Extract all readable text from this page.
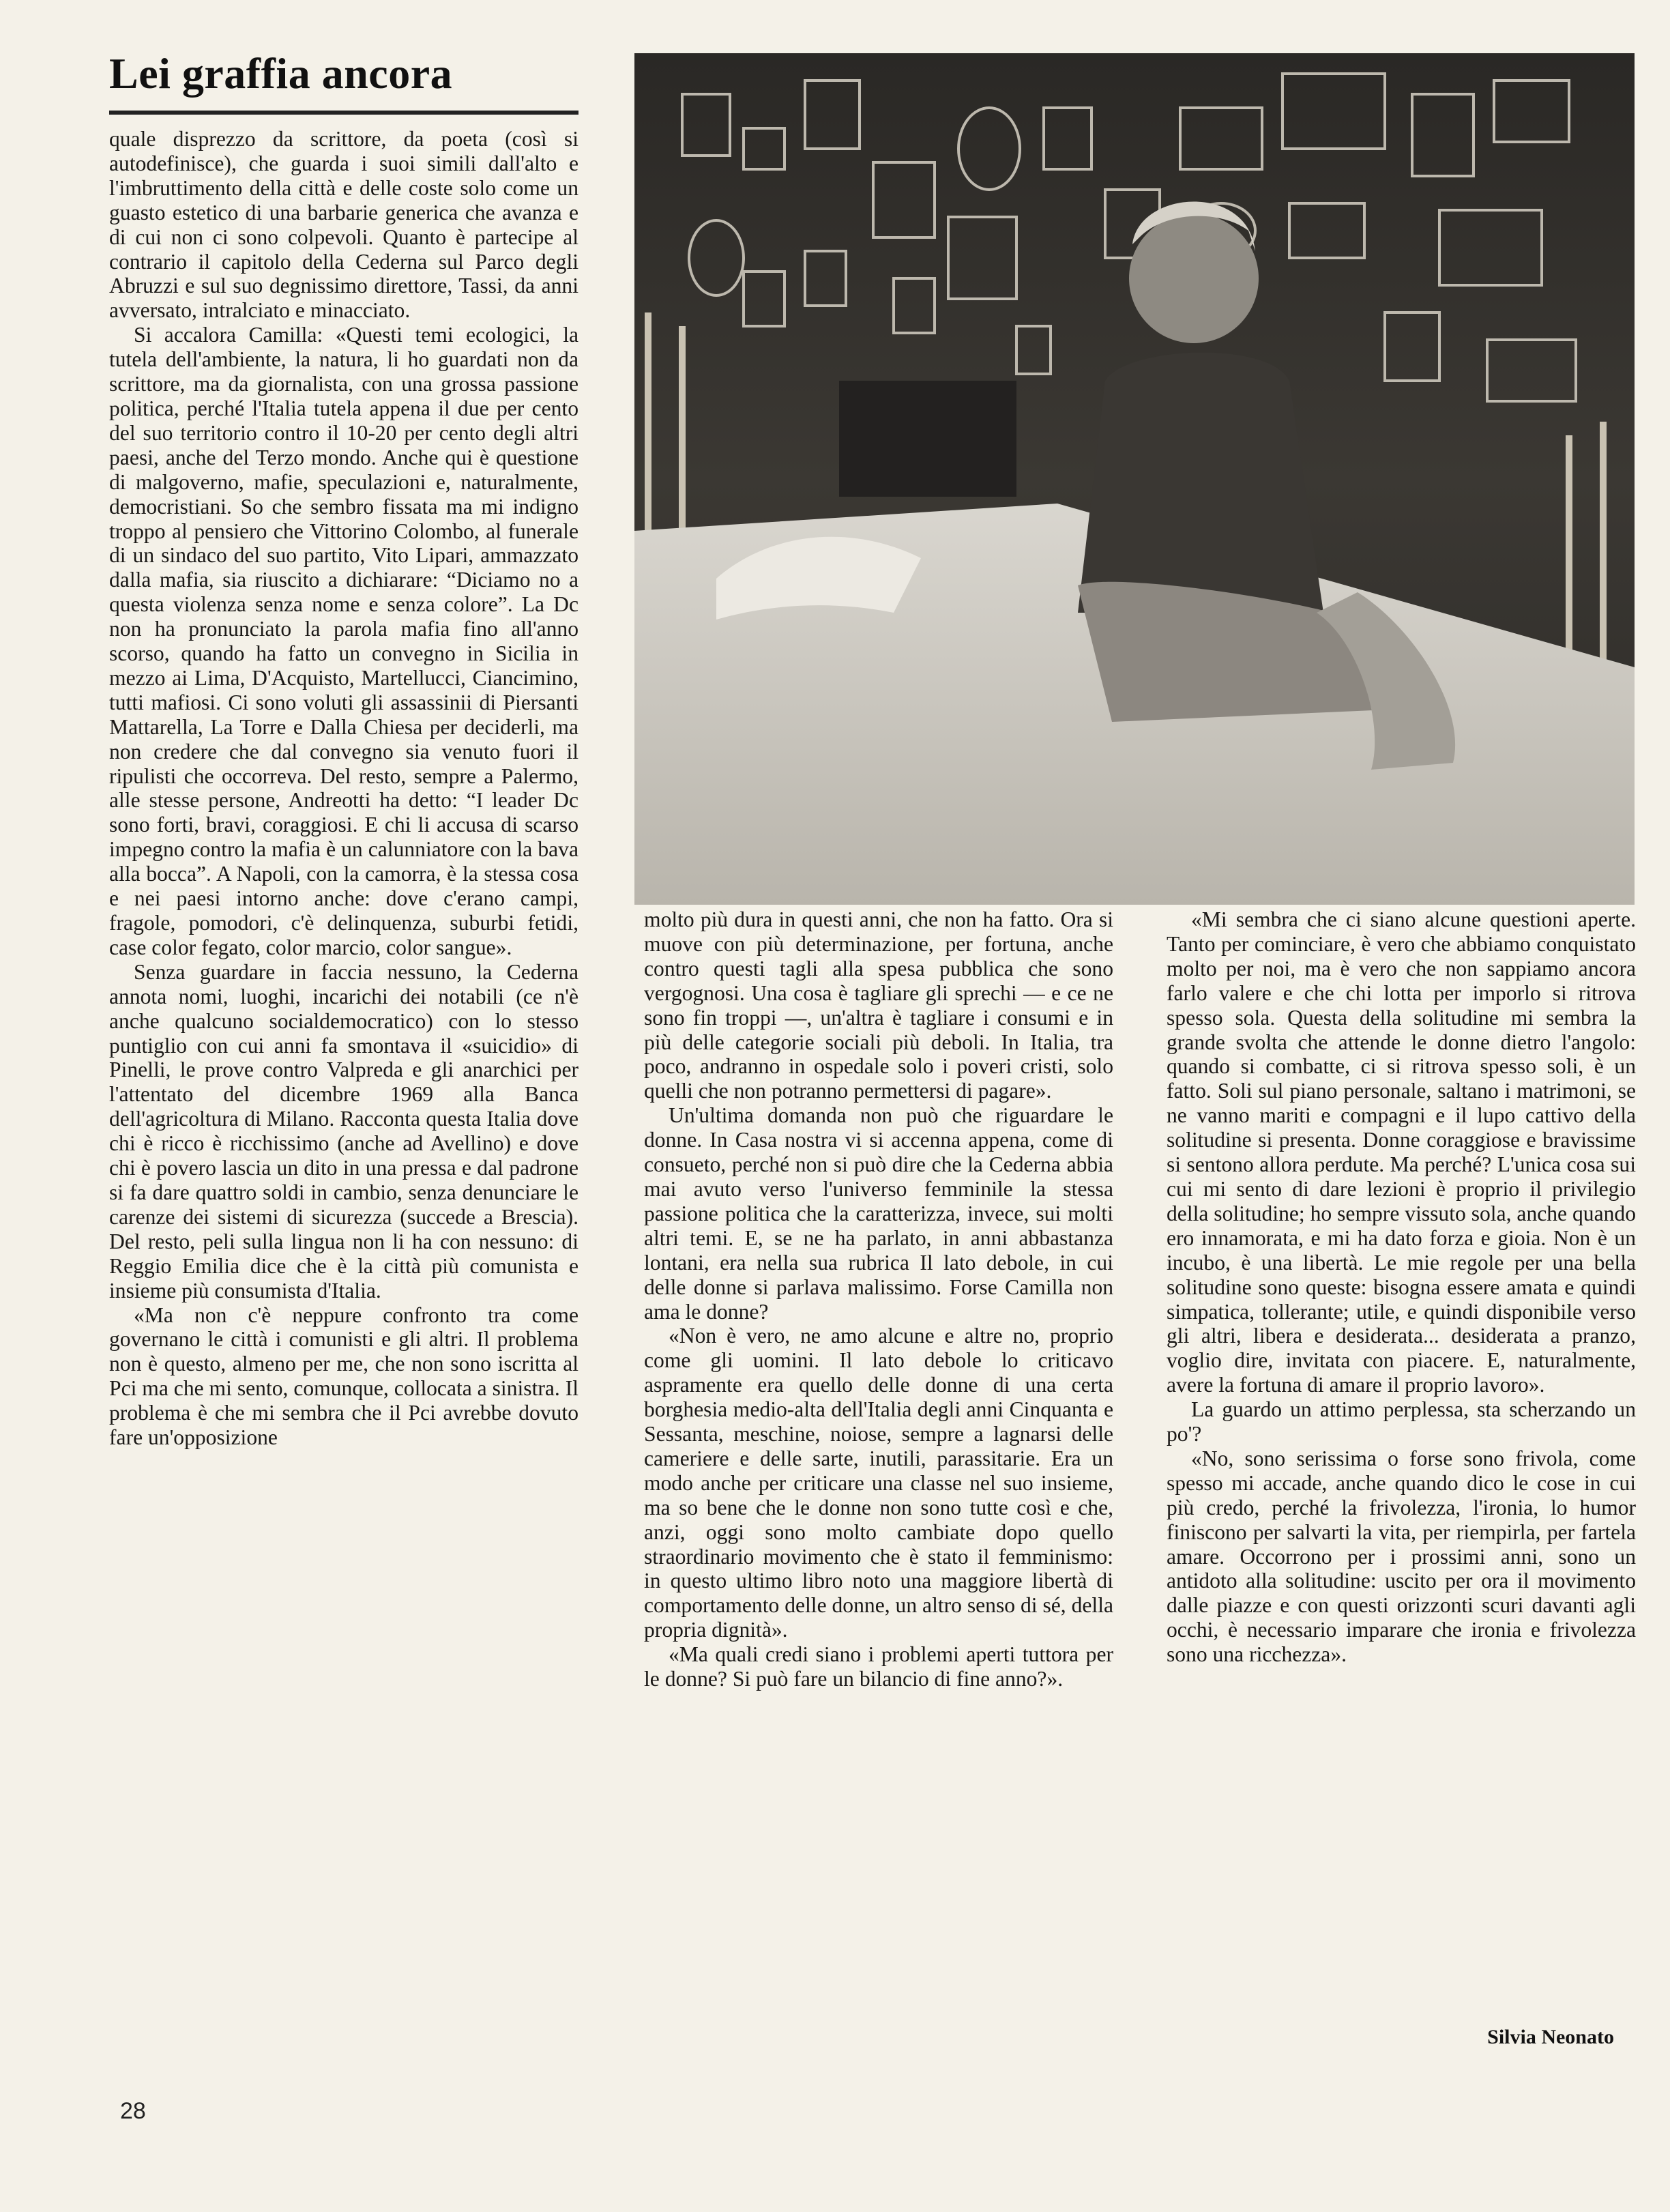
Lei graffia ancora

quale disprezzo da scrittore, da poeta (così si autodefinisce), che guarda i suoi simili dall'alto e l'imbruttimento della città e delle coste solo come un guasto estetico di una barbarie generica che avanza e di cui non ci sono colpevoli. Quanto è partecipe al contrario il capitolo della Cederna sul Parco degli Abruzzi e sul suo degnissimo direttore, Tassi, da anni avversato, intralciato e minacciato.

Si accalora Camilla: «Questi temi ecologici, la tutela dell'ambiente, la natura, li ho guardati non da scrittore, ma da giornalista, con una grossa passione politica, perché l'Italia tutela appena il due per cento del suo territorio contro il 10-20 per cento degli altri paesi, anche del Terzo mondo. Anche qui è questione di malgoverno, mafie, speculazioni e, naturalmente, democristiani. So che sembro fissata ma mi indigno troppo al pensiero che Vittorino Colombo, al funerale di un sindaco del suo partito, Vito Lipari, ammazzato dalla mafia, sia riuscito a dichiarare: “Diciamo no a questa violenza senza nome e senza colore”. La Dc non ha pronunciato la parola mafia fino all'anno scorso, quando ha fatto un convegno in Sicilia in mezzo ai Lima, D'Acquisto, Martellucci, Ciancimino, tutti mafiosi. Ci sono voluti gli assassinii di Piersanti Mattarella, La Torre e Dalla Chiesa per deciderli, ma non credere che dal convegno sia venuto fuori il ripulisti che occorreva. Del resto, sempre a Palermo, alle stesse persone, Andreotti ha detto: “I leader Dc sono forti, bravi, coraggiosi. E chi li accusa di scarso impegno contro la mafia è un calunniatore con la bava alla bocca”. A Napoli, con la camorra, è la stessa cosa e nei paesi intorno anche: dove c'erano campi, fragole, pomodori, c'è delinquenza, suburbi fetidi, case color fegato, color marcio, color sangue».

Senza guardare in faccia nessuno, la Cederna annota nomi, luoghi, incarichi dei notabili (ce n'è anche qualcuno socialdemocratico) con lo stesso puntiglio con cui anni fa smontava il «suicidio» di Pinelli, le prove contro Valpreda e gli anarchici per l'attentato del dicembre 1969 alla Banca dell'agricoltura di Milano. Racconta questa Italia dove chi è ricco è ricchissimo (anche ad Avellino) e dove chi è povero lascia un dito in una pressa e dal padrone si fa dare quattro soldi in cambio, senza denunciare le carenze dei sistemi di sicurezza (succede a Brescia). Del resto, peli sulla lingua non li ha con nessuno: di Reggio Emilia dice che è la città più comunista e insieme più consumista d'Italia.

«Ma non c'è neppure confronto tra come governano le città i comunisti e gli altri. Il problema non è questo, almeno per me, che non sono iscritta al Pci ma che mi sento, comunque, collocata a sinistra. Il problema è che mi sembra che il Pci avrebbe dovuto fare un'opposizione

molto più dura in questi anni, che non ha fatto. Ora si muove con più determinazione, per fortuna, anche contro questi tagli alla spesa pubblica che sono vergognosi. Una cosa è tagliare gli sprechi — e ce ne sono fin troppi —, un'altra è tagliare i consumi e in più delle categorie sociali più deboli. In Italia, tra poco, andranno in ospedale solo i poveri cristi, solo quelli che non potranno permettersi di pagare».

Un'ultima domanda non può che riguardare le donne. In Casa nostra vi si accenna appena, come di consueto, perché non si può dire che la Cederna abbia mai avuto verso l'universo femminile la stessa passione politica che la caratterizza, invece, sui molti altri temi. E, se ne ha parlato, in anni abbastanza lontani, era nella sua rubrica Il lato debole, in cui delle donne si parlava malissimo. Forse Camilla non ama le donne?

«Non è vero, ne amo alcune e altre no, proprio come gli uomini. Il lato debole lo criticavo aspramente era quello delle donne di una certa borghesia medio-alta dell'Italia degli anni Cinquanta e Sessanta, meschine, noiose, sempre a lagnarsi delle cameriere e delle sarte, inutili, parassitarie. Era un modo anche per criticare una classe nel suo insieme, ma so bene che le donne non sono tutte così e che, anzi, oggi sono molto cambiate dopo quello straordinario movimento che è stato il femminismo: in questo ultimo libro noto una maggiore libertà di comportamento delle donne, un altro senso di sé, della propria dignità».

«Ma quali credi siano i problemi aperti tuttora per le donne? Si può fare un bilancio di fine anno?».

«Mi sembra che ci siano alcune questioni aperte. Tanto per cominciare, è vero che abbiamo conquistato molto per noi, ma è vero che non sappiamo ancora farlo valere e che chi lotta per imporlo si ritrova spesso sola. Questa della solitudine mi sembra la grande svolta che attende le donne dietro l'angolo: quando si combatte, ci si ritrova spesso soli, è un fatto. Soli sul piano personale, saltano i matrimoni, se ne vanno mariti e compagni e il lupo cattivo della solitudine si presenta. Donne coraggiose e bravissime si sentono allora perdute. Ma perché? L'unica cosa sui cui mi sento di dare lezioni è proprio il privilegio della solitudine; ho sempre vissuto sola, anche quando ero innamorata, e mi ha dato forza e gioia. Non è un incubo, è una libertà. Le mie regole per una bella solitudine sono queste: bisogna essere amata e quindi simpatica, tollerante; utile, e quindi disponibile verso gli altri, libera e desiderata... desiderata a pranzo, voglio dire, invitata con piacere. E, naturalmente, avere la fortuna di amare il proprio lavoro».

La guardo un attimo perplessa, sta scherzando un po'?

«No, sono serissima o forse sono frivola, come spesso mi accade, anche quando dico le cose in cui più credo, perché la frivolezza, l'ironia, lo humor finiscono per salvarti la vita, per riempirla, per fartela amare. Occorrono per i prossimi anni, sono un antidoto alla solitudine: uscito per ora il movimento dalle piazze e con questi orizzonti scuri davanti agli occhi, è necessario imparare che ironia e frivolezza sono una ricchezza».

Silvia Neonato
28
